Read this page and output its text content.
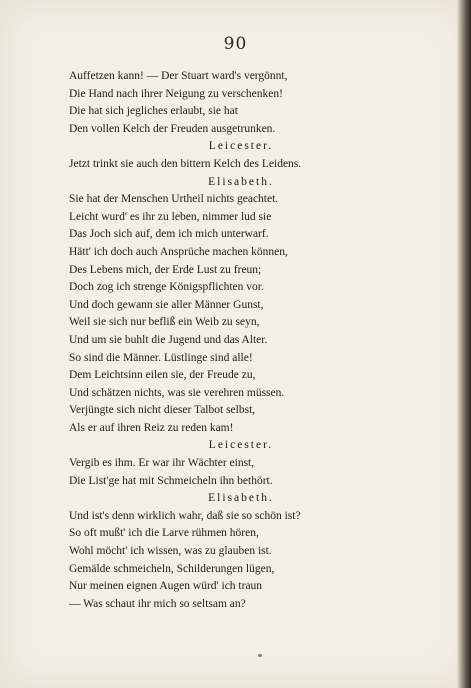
90
Auffetzen kann! — Der Stuart ward's vergönnt,
Die Hand nach ihrer Neigung zu verschenken!
Die hat sich jegliches erlaubt, sie hat
Den vollen Kelch der Freuden ausgetrunken.
Leicester.
Jetzt trinkt sie auch den bittern Kelch des Leidens.
Elisabeth.
Sie hat der Menschen Urtheil nichts geachtet.
Leicht wurd' es ihr zu leben, nimmer lud sie
Das Joch sich auf, dem ich mich unterwarf.
Hätt' ich doch auch Ansprüche machen können,
Des Lebens mich, der Erde Lust zu freun;
Doch zog ich strenge Königspflichten vor.
Und doch gewann sie aller Männer Gunst,
Weil sie sich nur befliß ein Weib zu seyn,
Und um sie buhlt die Jugend und das Alter.
So sind die Männer. Lüstlinge sind alle!
Dem Leichtsinn eilen sie, der Freude zu,
Und schätzen nichts, was sie verehren müssen.
Verjüngte sich nicht dieser Talbot selbst,
Als er auf ihren Reiz zu reden kam!
Leicester.
Vergib es ihm. Er war ihr Wächter einst,
Die List'ge hat mit Schmeicheln ihn bethört.
Elisabeth.
Und ist's denn wirklich wahr, daß sie so schön ist?
So oft mußt' ich die Larve rühmen hören,
Wohl möcht' ich wissen, was zu glauben ist.
Gemälde schmeicheln, Schilderungen lügen,
Nur meinen eignen Augen würd' ich traun
— Was schaut ihr mich so seltsam an?
